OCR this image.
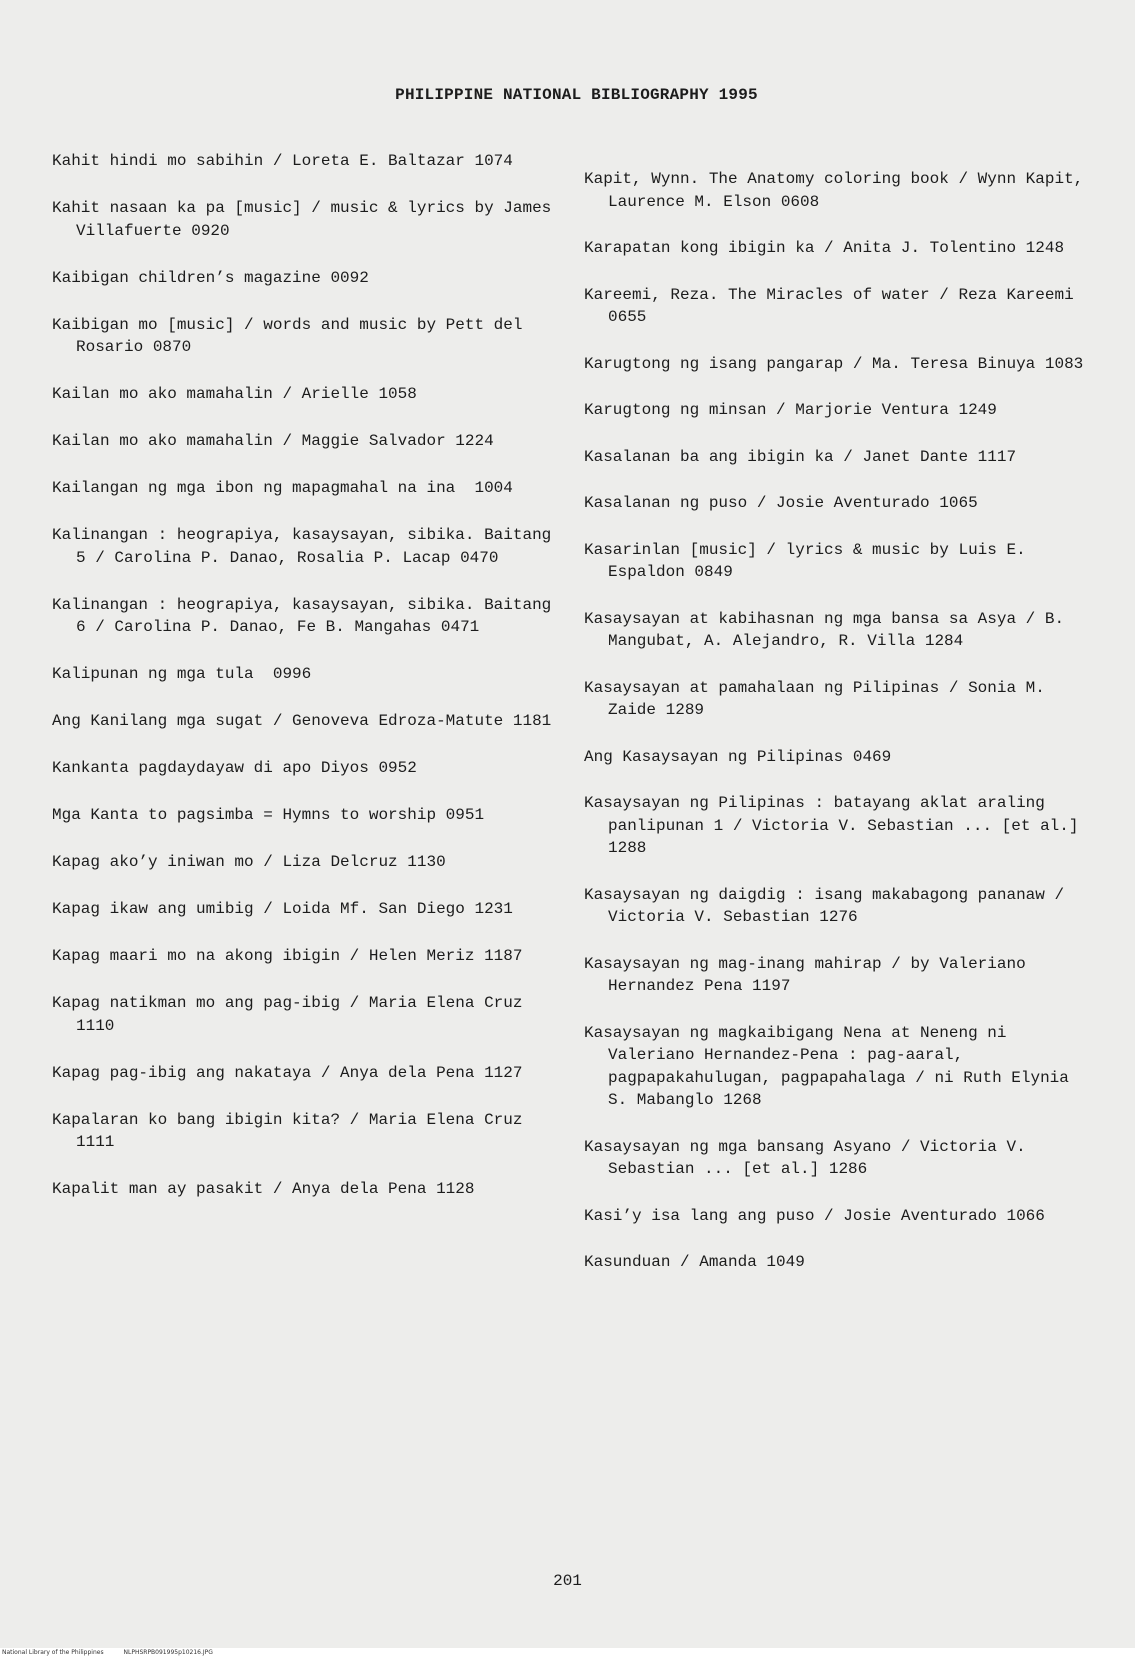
PHILIPPINE NATIONAL BIBLIOGRAPHY 1995
Kahit hindi mo sabihin / Loreta E. Baltazar 1074
Kahit nasaan ka pa [music] / music & lyrics by James Villafuerte 0920
Kaibigan children’s magazine 0092
Kaibigan mo [music] / words and music by Pett del Rosario 0870
Kailan mo ako mamahalin / Arielle 1058
Kailan mo ako mamahalin / Maggie Salvador 1224
Kailangan ng mga ibon ng mapagmahal na ina  1004
Kalinangan : heograpiya, kasaysayan, sibika. Baitang 5 / Carolina P. Danao, Rosalia P. Lacap 0470
Kalinangan : heograpiya, kasaysayan, sibika. Baitang 6 / Carolina P. Danao, Fe B. Mangahas 0471
Kalipunan ng mga tula  0996
Ang Kanilang mga sugat / Genoveva Edroza-Matute 1181
Kankanta pagdaydayaw di apo Diyos 0952
Mga Kanta to pagsimba = Hymns to worship 0951
Kapag ako’y iniwan mo / Liza Delcruz 1130
Kapag ikaw ang umibig / Loida Mf. San Diego 1231
Kapag maari mo na akong ibigin / Helen Meriz 1187
Kapag natikman mo ang pag-ibig / Maria Elena Cruz 1110
Kapag pag-ibig ang nakataya / Anya dela Pena 1127
Kapalaran ko bang ibigin kita? / Maria Elena Cruz 1111
Kapalit man ay pasakit / Anya dela Pena 1128
Kapit, Wynn. The Anatomy coloring book / Wynn Kapit, Laurence M. Elson 0608
Karapatan kong ibigin ka / Anita J. Tolentino 1248
Kareemi, Reza. The Miracles of water / Reza Kareemi 0655
Karugtong ng isang pangarap / Ma. Teresa Binuya 1083
Karugtong ng minsan / Marjorie Ventura 1249
Kasalanan ba ang ibigin ka / Janet Dante 1117
Kasalanan ng puso / Josie Aventurado 1065
Kasarinlan [music] / lyrics & music by Luis E. Espaldon 0849
Kasaysayan at kabihasnan ng mga bansa sa Asya / B. Mangubat, A. Alejandro, R. Villa 1284
Kasaysayan at pamahalaan ng Pilipinas / Sonia M. Zaide 1289
Ang Kasaysayan ng Pilipinas 0469
Kasaysayan ng Pilipinas : batayang aklat araling panlipunan 1 / Victoria V. Sebastian ... [et al.] 1288
Kasaysayan ng daigdig : isang makabagong pananaw / Victoria V. Sebastian 1276
Kasaysayan ng mag-inang mahirap / by Valeriano Hernandez Pena 1197
Kasaysayan ng magkaibigang Nena at Neneng ni Valeriano Hernandez-Pena : pag-aaral, pagpapakahulugan, pagpapahalaga / ni Ruth Elynia S. Mabanglo 1268
Kasaysayan ng mga bansang Asyano / Victoria V. Sebastian ... [et al.] 1286
Kasi’y isa lang ang puso / Josie Aventurado 1066
Kasunduan / Amanda 1049
201
National Library of the Philippines	NLPHSRPB091995p10216.JPG
